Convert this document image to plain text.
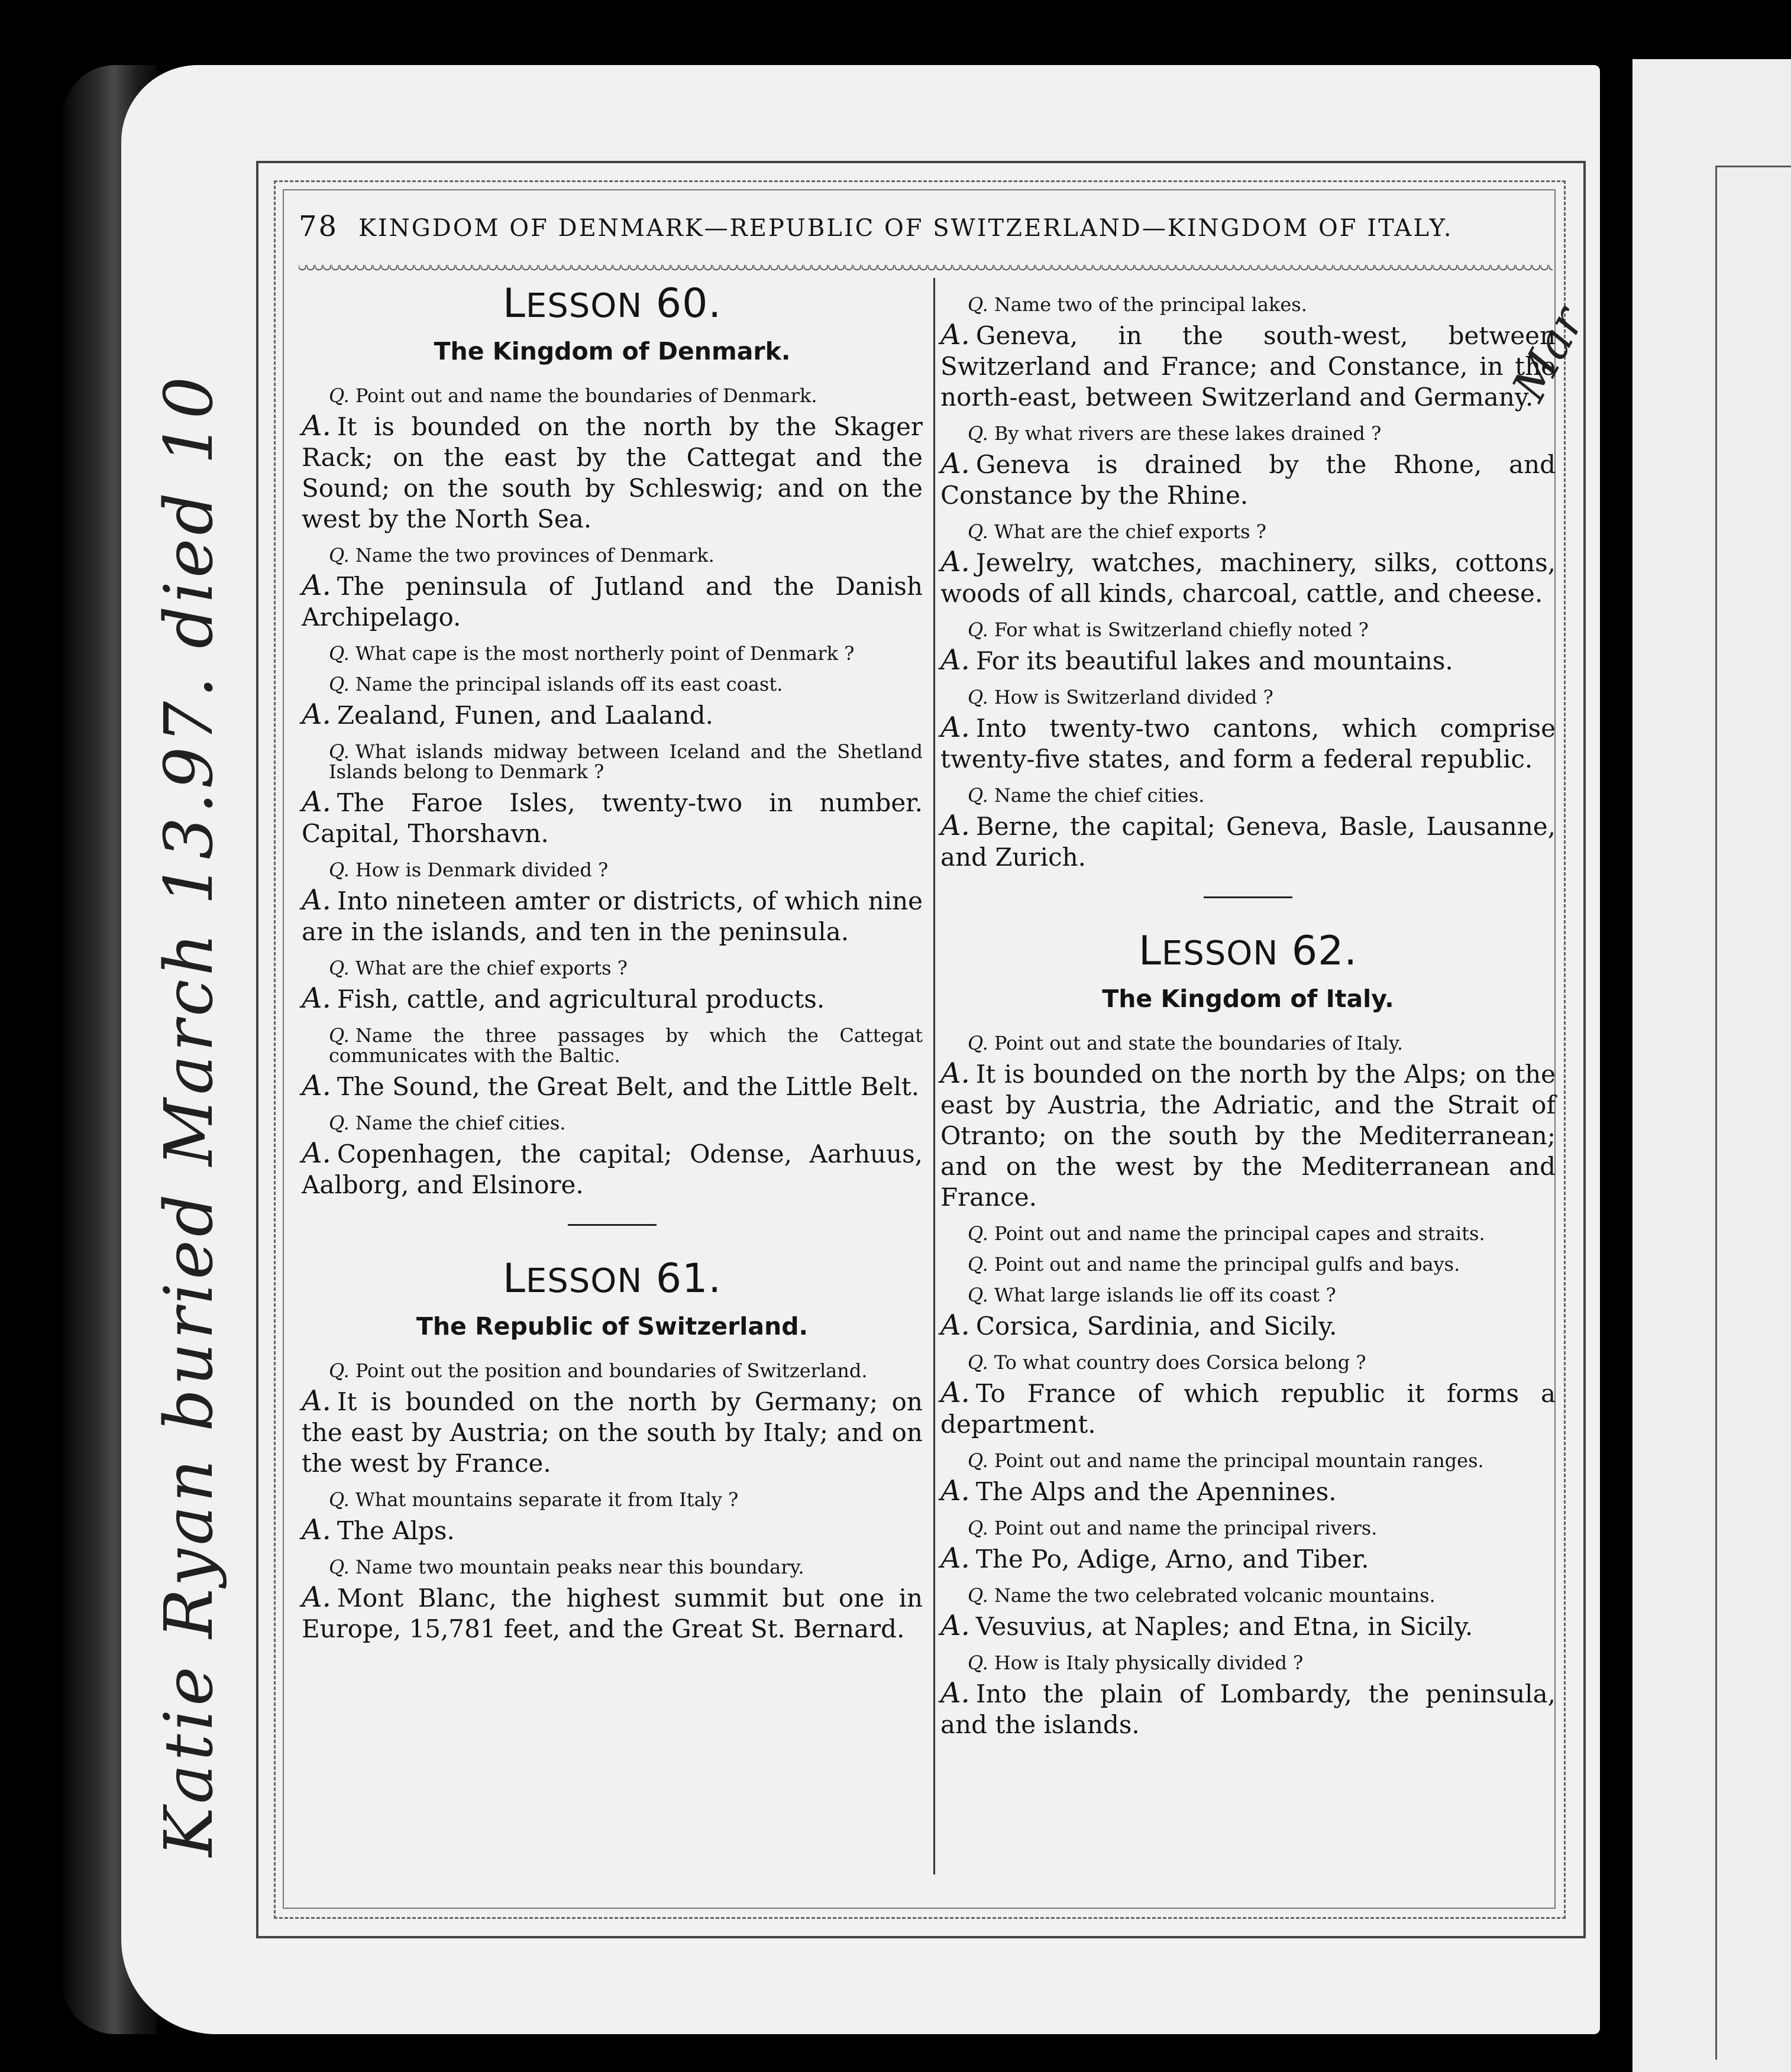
Katie Ryan buried March 13.97. died 10
Mar
78 KINGDOM OF DENMARK—REPUBLIC OF SWITZERLAND—KINGDOM OF ITALY.
LESSON 60.
The Kingdom of Denmark.

Q. Point out and name the boundaries of Denmark.

A. It is bounded on the north by the Skager Rack; on the east by the Cattegat and the Sound; on the south by Schleswig; and on the west by the North Sea.

Q. Name the two provinces of Denmark.

A. The peninsula of Jutland and the Danish Archipelago.

Q. What cape is the most northerly point of Denmark ?

Q. Name the principal islands off its east coast.

A. Zealand, Funen, and Laaland.

Q. What islands midway between Iceland and the Shetland Islands belong to Denmark ?

A. The Faroe Isles, twenty-two in number. Capital, Thorshavn.

Q. How is Denmark divided ?

A. Into nineteen amter or districts, of which nine are in the islands, and ten in the peninsula.

Q. What are the chief exports ?

A. Fish, cattle, and agricultural products.

Q. Name the three passages by which the Cattegat communicates with the Baltic.

A. The Sound, the Great Belt, and the Little Belt.

Q. Name the chief cities.

A. Copenhagen, the capital; Odense, Aarhuus, Aalborg, and Elsinore.

LESSON 61.
The Republic of Switzerland.

Q. Point out the position and boundaries of Switzerland.

A. It is bounded on the north by Germany; on the east by Austria; on the south by Italy; and on the west by France.

Q. What mountains separate it from Italy ?

A. The Alps.

Q. Name two mountain peaks near this boundary.

A. Mont Blanc, the highest summit but one in Europe, 15,781 feet, and the Great St. Bernard.

Q. Name two of the principal lakes.

A. Geneva, in the south-west, between Switzerland and France; and Constance, in the north-east, between Switzerland and Germany.

Q. By what rivers are these lakes drained ?

A. Geneva is drained by the Rhone, and Constance by the Rhine.

Q. What are the chief exports ?

A. Jewelry, watches, machinery, silks, cottons, woods of all kinds, charcoal, cattle, and cheese.

Q. For what is Switzerland chiefly noted ?

A. For its beautiful lakes and mountains.

Q. How is Switzerland divided ?

A. Into twenty-two cantons, which comprise twenty-five states, and form a federal republic.

Q. Name the chief cities.

A. Berne, the capital; Geneva, Basle, Lausanne, and Zurich.

LESSON 62.
The Kingdom of Italy.

Q. Point out and state the boundaries of Italy.

A. It is bounded on the north by the Alps; on the east by Austria, the Adriatic, and the Strait of Otranto; on the south by the Mediterranean; and on the west by the Mediterranean and France.

Q. Point out and name the principal capes and straits.

Q. Point out and name the principal gulfs and bays.

Q. What large islands lie off its coast ?

A. Corsica, Sardinia, and Sicily.

Q. To what country does Corsica belong ?

A. To France of which republic it forms a department.

Q. Point out and name the principal mountain ranges.

A. The Alps and the Apennines.

Q. Point out and name the principal rivers.

A. The Po, Adige, Arno, and Tiber.

Q. Name the two celebrated volcanic mountains.

A. Vesuvius, at Naples; and Etna, in Sicily.

Q. How is Italy physically divided ?

A. Into the plain of Lombardy, the peninsula, and the islands.
